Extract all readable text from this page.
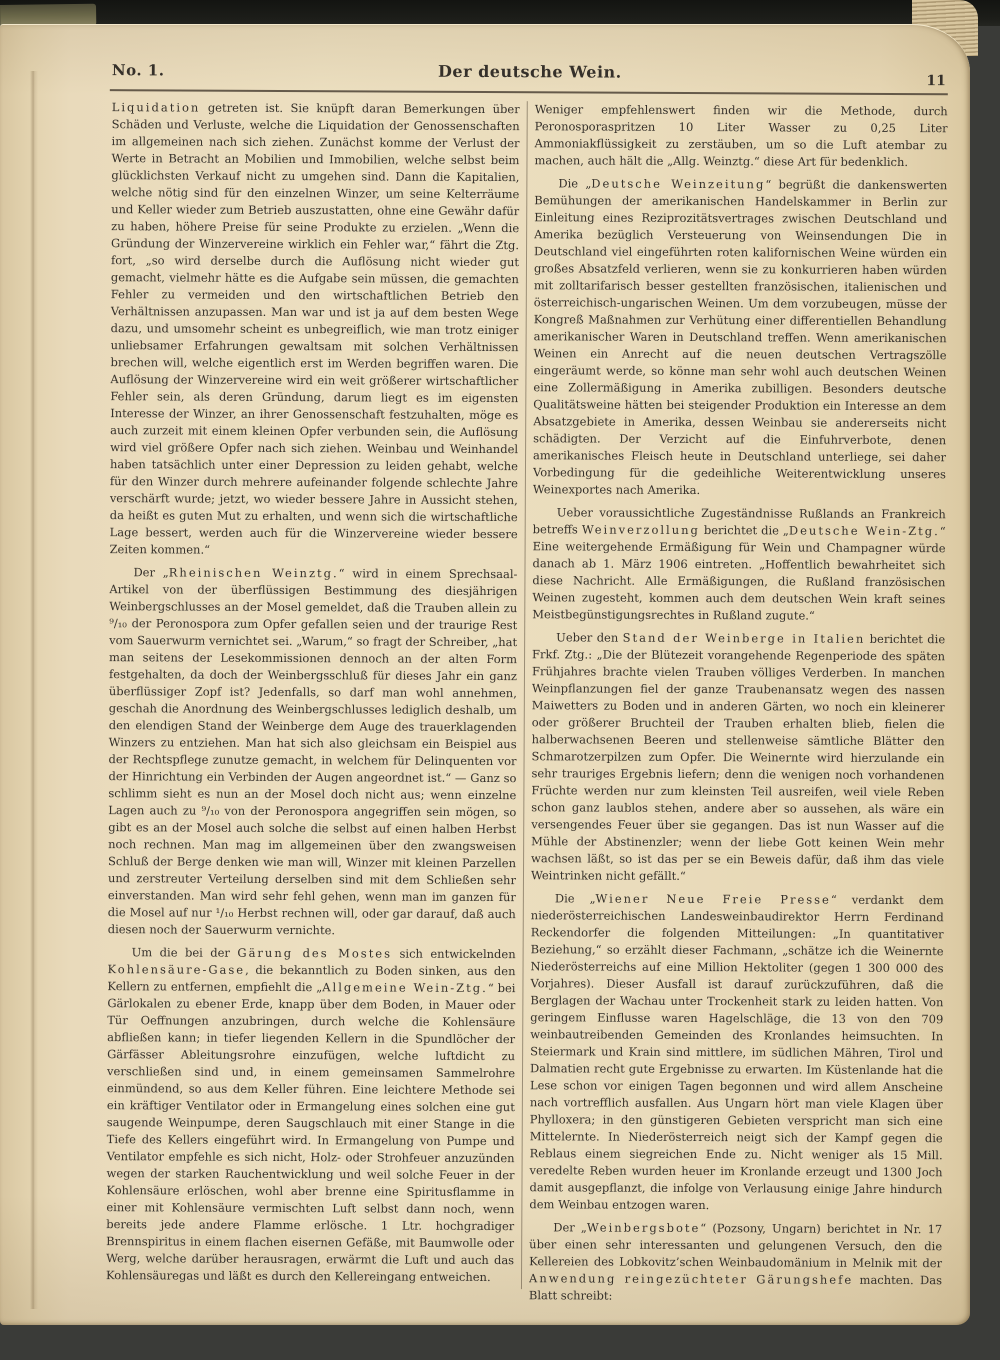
No. 1.	Der deutsche Wein.	11

Liquidation getreten ist. Sie knüpft daran Bemerkungen über Schäden und Verluste, welche die Liquidation der Genossenschaften im allgemeinen nach sich ziehen. Zunächst komme der Verlust der Werte in Betracht an Mobilien und Immobilien, welche selbst beim glücklichsten Verkauf nicht zu umgehen sind. Dann die Kapitalien, welche nötig sind für den einzelnen Winzer, um seine Kelterräume und Keller wieder zum Betrieb auszustatten, ohne eine Gewähr dafür zu haben, höhere Preise für seine Produkte zu erzielen. „Wenn die Gründung der Winzervereine wirklich ein Fehler war,“ fährt die Ztg. fort, „so wird derselbe durch die Auflösung nicht wieder gut gemacht, vielmehr hätte es die Aufgabe sein müssen, die gemachten Fehler zu vermeiden und den wirtschaftlichen Betrieb den Verhältnissen anzupassen. Man war und ist ja auf dem besten Wege dazu, und umsomehr scheint es unbegreiflich, wie man trotz einiger unliebsamer Erfahrungen gewaltsam mit solchen Verhältnissen brechen will, welche eigentlich erst im Werden begriffen waren. Die Auflösung der Winzervereine wird ein weit größerer wirtschaftlicher Fehler sein, als deren Gründung, darum liegt es im eigensten Interesse der Winzer, an ihrer Genossenschaft festzuhalten, möge es auch zurzeit mit einem kleinen Opfer verbunden sein, die Auflösung wird viel größere Opfer nach sich ziehen. Weinbau und Weinhandel haben tatsächlich unter einer Depression zu leiden gehabt, welche für den Winzer durch mehrere aufeinander folgende schlechte Jahre verschärft wurde; jetzt, wo wieder bessere Jahre in Aussicht stehen, da heißt es guten Mut zu erhalten, und wenn sich die wirtschaftliche Lage bessert, werden auch für die Winzervereine wieder bessere Zeiten kommen.“

Der „Rheinischen Weinztg.“ wird in einem Sprechsaal-Artikel von der überflüssigen Bestimmung des diesjährigen Weinbergschlusses an der Mosel gemeldet, daß die Trauben allein zu ⁹/₁₀ der Peronospora zum Opfer gefallen seien und der traurige Rest vom Sauerwurm vernichtet sei. „Warum,“ so fragt der Schreiber, „hat man seitens der Lesekommissionen dennoch an der alten Form festgehalten, da doch der Weinbergsschluß für dieses Jahr ein ganz überflüssiger Zopf ist? Jedenfalls, so darf man wohl annehmen, geschah die Anordnung des Weinbergschlusses lediglich deshalb, um den elendigen Stand der Weinberge dem Auge des trauerklagenden Winzers zu entziehen. Man hat sich also gleichsam ein Beispiel aus der Rechtspflege zunutze gemacht, in welchem für Delinquenten vor der Hinrichtung ein Verbinden der Augen angeordnet ist.“ — Ganz so schlimm sieht es nun an der Mosel doch nicht aus; wenn einzelne Lagen auch zu ⁹/₁₀ von der Peronospora angegriffen sein mögen, so gibt es an der Mosel auch solche die selbst auf einen halben Herbst noch rechnen. Man mag im allgemeinen über den zwangsweisen Schluß der Berge denken wie man will, Winzer mit kleinen Parzellen und zerstreuter Verteilung derselben sind mit dem Schließen sehr einverstanden. Man wird sehr fehl gehen, wenn man im ganzen für die Mosel auf nur ¹/₁₀ Herbst rechnen will, oder gar darauf, daß auch diesen noch der Sauerwurm vernichte.

Um die bei der Gärung des Mostes sich entwickelnden Kohlensäure-Gase, die bekanntlich zu Boden sinken, aus den Kellern zu entfernen, empfiehlt die „Allgemeine Wein-Ztg.“ bei Gärlokalen zu ebener Erde, knapp über dem Boden, in Mauer oder Tür Oeffnungen anzubringen, durch welche die Kohlensäure abfließen kann; in tiefer liegenden Kellern in die Spundlöcher der Gärfässer Ableitungsrohre einzufügen, welche luftdicht zu verschließen sind und, in einem gemeinsamen Sammelrohre einmündend, so aus dem Keller führen. Eine leichtere Methode sei ein kräftiger Ventilator oder in Ermangelung eines solchen eine gut saugende Weinpumpe, deren Saugschlauch mit einer Stange in die Tiefe des Kellers eingeführt wird. In Ermangelung von Pumpe und Ventilator empfehle es sich nicht, Holz- oder Strohfeuer anzuzünden wegen der starken Rauchentwicklung und weil solche Feuer in der Kohlensäure erlöschen, wohl aber brenne eine Spiritusflamme in einer mit Kohlensäure vermischten Luft selbst dann noch, wenn bereits jede andere Flamme erlösche. 1 Ltr. hochgradiger Brennspiritus in einem flachen eisernen Gefäße, mit Baumwolle oder Werg, welche darüber herausragen, erwärmt die Luft und auch das Kohlensäuregas und läßt es durch den Kellereingang entweichen.

Weniger empfehlenswert finden wir die Methode, durch Peronosporaspritzen 10 Liter Wasser zu 0,25 Liter Ammoniakflüssigkeit zu zerstäuben, um so die Luft atembar zu machen, auch hält die „Allg. Weinztg.“ diese Art für bedenklich.

Die „Deutsche Weinzeitung“ begrüßt die dankenswerten Bemühungen der amerikanischen Handelskammer in Berlin zur Einleitung eines Reziprozitätsvertrages zwischen Deutschland und Amerika bezüglich Versteuerung von Weinsendungen Die in Deutschland viel eingeführten roten kalifornischen Weine würden ein großes Absatzfeld verlieren, wenn sie zu konkurrieren haben würden mit zolltarifarisch besser gestellten französischen, italienischen und österreichisch-ungarischen Weinen. Um dem vorzubeugen, müsse der Kongreß Maßnahmen zur Verhütung einer differentiellen Behandlung amerikanischer Waren in Deutschland treffen. Wenn amerikanischen Weinen ein Anrecht auf die neuen deutschen Vertragszölle eingeräumt werde, so könne man sehr wohl auch deutschen Weinen eine Zollermäßigung in Amerika zubilligen. Besonders deutsche Qualitätsweine hätten bei steigender Produktion ein Interesse an dem Absatzgebiete in Amerika, dessen Weinbau sie andererseits nicht schädigten. Der Verzicht auf die Einfuhrverbote, denen amerikanisches Fleisch heute in Deutschland unterliege, sei daher Vorbedingung für die gedeihliche Weiterentwicklung unseres Weinexportes nach Amerika.

Ueber voraussichtliche Zugeständnisse Rußlands an Frankreich betreffs Weinverzollung berichtet die „Deutsche Wein-Ztg.“ Eine weitergehende Ermäßigung für Wein und Champagner würde danach ab 1. März 1906 eintreten. „Hoffentlich bewahrheitet sich diese Nachricht. Alle Ermäßigungen, die Rußland französischen Weinen zugesteht, kommen auch dem deutschen Wein kraft seines Meistbegünstigungsrechtes in Rußland zugute.“

Ueber den Stand der Weinberge in Italien berichtet die Frkf. Ztg.: „Die der Blütezeit vorangehende Regenperiode des späten Frühjahres brachte vielen Trauben völliges Verderben. In manchen Weinpflanzungen fiel der ganze Traubenansatz wegen des nassen Maiwetters zu Boden und in anderen Gärten, wo noch ein kleinerer oder größerer Bruchteil der Trauben erhalten blieb, fielen die halberwachsenen Beeren und stellenweise sämtliche Blätter den Schmarotzerpilzen zum Opfer. Die Weinernte wird hierzulande ein sehr trauriges Ergebnis liefern; denn die wenigen noch vorhandenen Früchte werden nur zum kleinsten Teil ausreifen, weil viele Reben schon ganz laublos stehen, andere aber so aussehen, als wäre ein versengendes Feuer über sie gegangen. Das ist nun Wasser auf die Mühle der Abstinenzler; wenn der liebe Gott keinen Wein mehr wachsen läßt, so ist das per se ein Beweis dafür, daß ihm das viele Weintrinken nicht gefällt.“

Die „Wiener Neue Freie Presse“ verdankt dem niederösterreichischen Landesweinbaudirektor Herrn Ferdinand Reckendorfer die folgenden Mitteilungen: „In quantitativer Beziehung,“ so erzählt dieser Fachmann, „schätze ich die Weinernte Niederösterreichs auf eine Million Hektoliter (gegen 1 300 000 des Vorjahres). Dieser Ausfall ist darauf zurückzuführen, daß die Berglagen der Wachau unter Trockenheit stark zu leiden hatten. Von geringem Einflusse waren Hagelschläge, die 13 von den 709 weinbautreibenden Gemeinden des Kronlandes heimsuchten. In Steiermark und Krain sind mittlere, im südlichen Mähren, Tirol und Dalmatien recht gute Ergebnisse zu erwarten. Im Küstenlande hat die Lese schon vor einigen Tagen begonnen und wird allem Anscheine nach vortrefflich ausfallen. Aus Ungarn hört man viele Klagen über Phylloxera; in den günstigeren Gebieten verspricht man sich eine Mittelernte. In Niederösterreich neigt sich der Kampf gegen die Reblaus einem siegreichen Ende zu. Nicht weniger als 15 Mill. veredelte Reben wurden heuer im Kronlande erzeugt und 1300 Joch damit ausgepflanzt, die infolge von Verlausung einige Jahre hindurch dem Weinbau entzogen waren.

Der „Weinbergsbote“ (Pozsony, Ungarn) berichtet in Nr. 17 über einen sehr interessanten und gelungenen Versuch, den die Kellereien des Lobkovitz’schen Weinbaudomänium in Melnik mit der Anwendung reingezüchteter Gärungshefe machten. Das Blatt schreibt:
